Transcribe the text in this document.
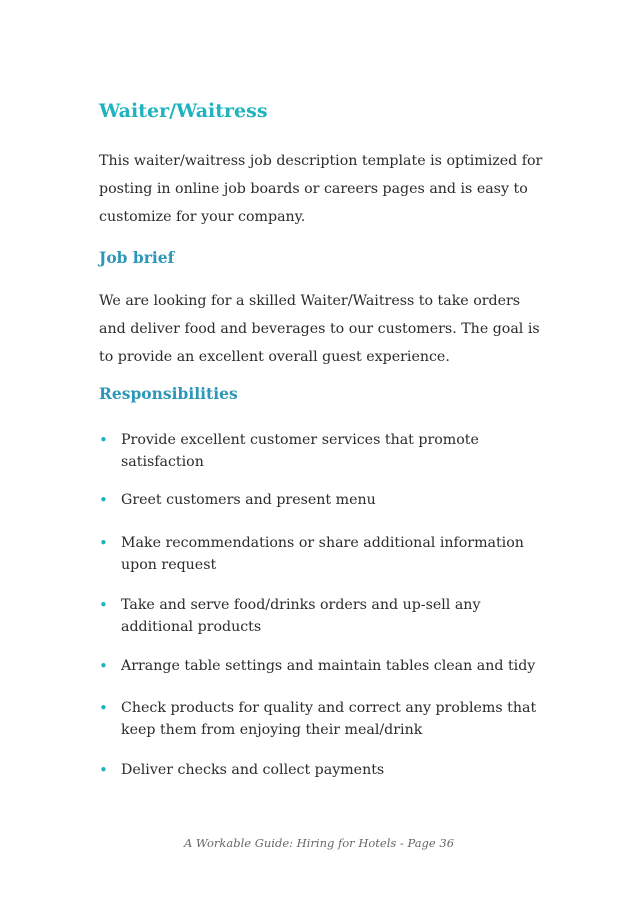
Waiter/Waitress

This waiter/waitress job description template is optimized for posting in online job boards or careers pages and is easy to customize for your company.

Job brief

We are looking for a skilled Waiter/Waitress to take orders and deliver food and beverages to our customers. The goal is to provide an excellent overall guest experience.

Responsibilities
• Provide excellent customer services that promote satisfaction
• Greet customers and present menu
• Make recommendations or share additional information upon request
• Take and serve food/drinks orders and up-sell any additional products
• Arrange table settings and maintain tables clean and tidy
• Check products for quality and correct any problems that keep them from enjoying their meal/drink
• Deliver checks and collect payments
A Workable Guide: Hiring for Hotels - Page 36
